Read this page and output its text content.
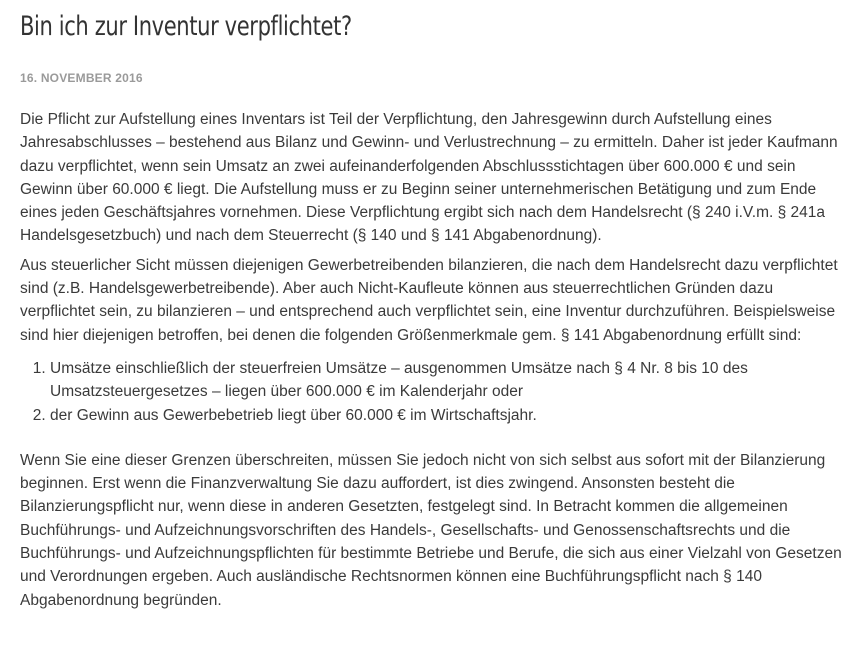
Bin ich zur Inventur verpflichtet?
16. NOVEMBER 2016

Die Pflicht zur Aufstellung eines Inventars ist Teil der Verpflichtung, den Jahresgewinn durch Aufstellung eines Jahresabschlusses – bestehend aus Bilanz und Gewinn- und Verlustrechnung – zu ermitteln. Daher ist jeder Kaufmann dazu verpflichtet, wenn sein Umsatz an zwei aufeinanderfolgenden Abschlussstichtagen über 600.000 € und sein Gewinn über 60.000 € liegt. Die Aufstellung muss er zu Beginn seiner unternehmerischen Betätigung und zum Ende eines jeden Geschäftsjahres vornehmen. Diese Verpflichtung ergibt sich nach dem Handelsrecht (§ 240 i.V.m. § 241a Handelsgesetzbuch) und nach dem Steuerrecht (§ 140 und § 141 Abgabenordnung).

Aus steuerlicher Sicht müssen diejenigen Gewerbetreibenden bilanzieren, die nach dem Handelsrecht dazu verpflichtet sind (z.B. Handelsgewerbetreibende). Aber auch Nicht-Kaufleute können aus steuerrechtlichen Gründen dazu verpflichtet sein, zu bilanzieren – und entsprechend auch verpflichtet sein, eine Inventur durchzuführen. Beispielsweise sind hier diejenigen betroffen, bei denen die folgenden Größenmerkmale gem. § 141 Abgabenordnung erfüllt sind:

1. Umsätze einschließlich der steuerfreien Umsätze – ausgenommen Umsätze nach § 4 Nr. 8 bis 10 des Umsatzsteuergesetzes – liegen über 600.000 € im Kalenderjahr oder
2. der Gewinn aus Gewerbebetrieb liegt über 60.000 € im Wirtschaftsjahr.

Wenn Sie eine dieser Grenzen überschreiten, müssen Sie jedoch nicht von sich selbst aus sofort mit der Bilanzierung beginnen. Erst wenn die Finanzverwaltung Sie dazu auffordert, ist dies zwingend. Ansonsten besteht die Bilanzierungspflicht nur, wenn diese in anderen Gesetzten, festgelegt sind. In Betracht kommen die allgemeinen Buchführungs- und Aufzeichnungsvorschriften des Handels-, Gesellschafts- und Genossenschaftsrechts und die Buchführungs- und Aufzeichnungspflichten für bestimmte Betriebe und Berufe, die sich aus einer Vielzahl von Gesetzen und Verordnungen ergeben. Auch ausländische Rechtsnormen können eine Buchführungspflicht nach § 140 Abgabenordnung begründen.
